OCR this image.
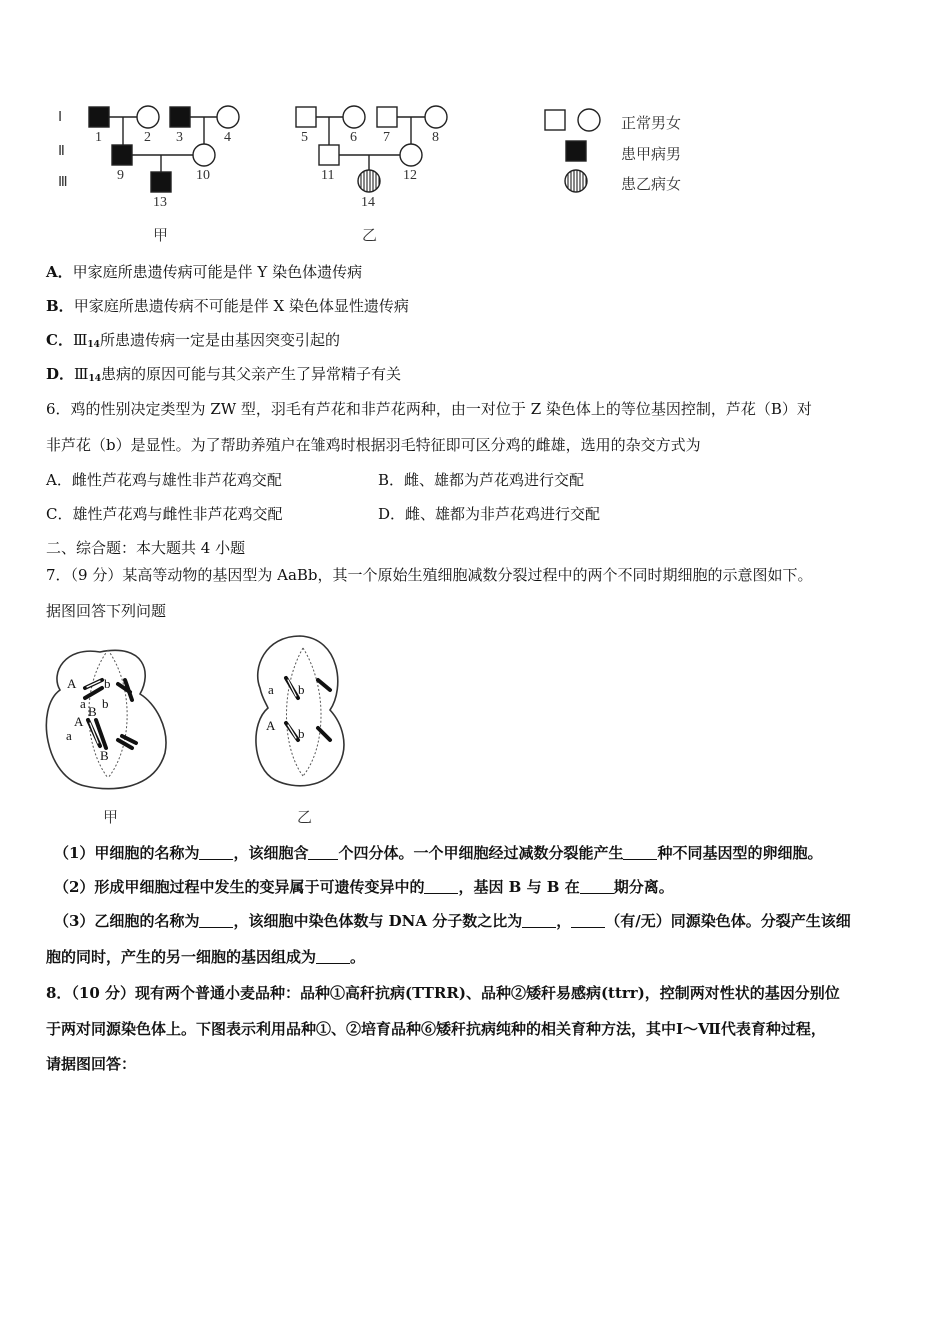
Ⅰ
Ⅱ
Ⅲ
1	2 3	4	5	6 7	8
9	10	11	12
13	14
甲	乙
正常男女
患甲病男
患乙病女
A．甲家庭所患遗传病可能是伴 Y 染色体遗传病
B．甲家庭所患遗传病不可能是伴 X 染色体显性遗传病
C．$Ⅲ_{14}$所患遗传病一定是由基因突变引起的
D．$Ⅲ_{14}$患病的原因可能与其父亲产生了异常精子有关
6．鸡的性别决定类型为 ZW 型，羽毛有芦花和非芦花两种，由一对位于 Z 染色体上的等位基因控制，芦花（B）对
非芦花（b）是显性。为了帮助养殖户在雏鸡时根据羽毛特征即可区分鸡的雌雄，选用的杂交方式为
A．雌性芦花鸡与雄性非芦花鸡交配	B．雌、雄都为芦花鸡进行交配
C．雄性芦花鸡与雌性非芦花鸡交配	D．雌、雄都为非芦花鸡进行交配
二、综合题：本大题共 4 小题
7．（9 分）某高等动物的基因型为 AaBb，其一个原始生殖细胞减数分裂过程中的两个不同时期细胞的示意图如下。
据图回答下列问题
A
a
b
b
B
A
a
B
a b
A
b
甲	乙
（1）甲细胞的名称为 ，该细胞含 个四分体。一个甲细胞经过减数分裂能产生 种不同基因型的卵细胞。
（2）形成甲细胞过程中发生的变异属于可遗传变异中的 ，基因 B 与 B 在 期分离。
（3）乙细胞的名称为 ，该细胞中染色体数与 DNA 分子数之比为 ， （有/无）同源染色体。分裂产生该细
胞的同时，产生的另一细胞的基因组成为 。
8．（10 分）现有两个普通小麦品种：品种①高秆抗病(TTRR)、品种②矮秆易感病(ttrr)，控制两对性状的基因分别位
于两对同源染色体上。下图表示利用品种①、②培育品种⑥矮秆抗病纯种的相关育种方法，其中Ⅰ～Ⅶ代表育种过程，
请据图回答：
